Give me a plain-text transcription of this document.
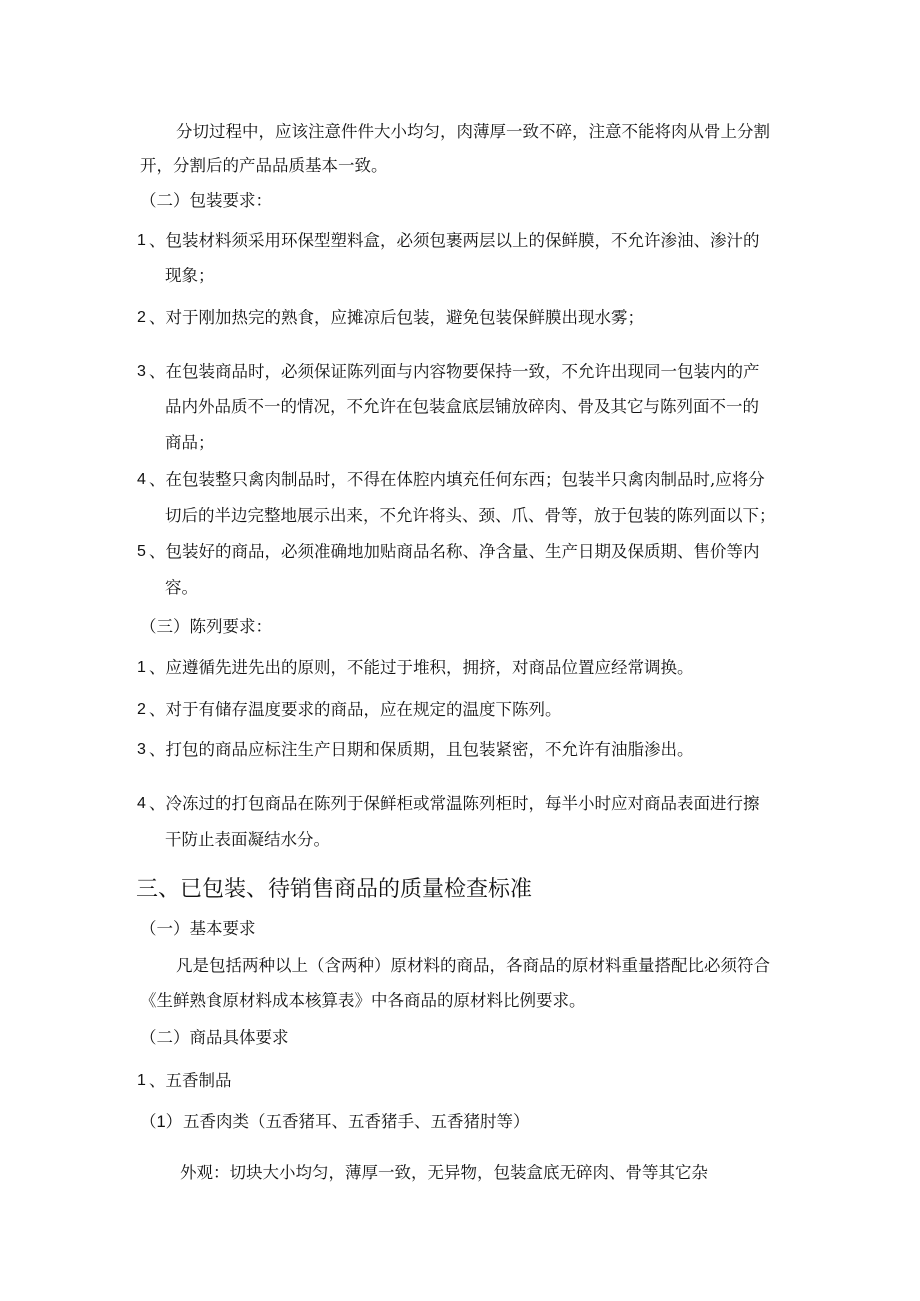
分切过程中，应该注意件件大小均匀，肉薄厚一致不碎，注意不能将肉从骨上分割
开，分割后的产品品质基本一致。
（二）包装要求：
1 、包装材料须采用环保型塑料盒，必须包裹两层以上的保鲜膜，不允许渗油、渗汁的
现象；
2 、对于刚加热完的熟食，应摊凉后包装，避免包装保鲜膜出现水雾；
3 、在包装商品时，必须保证陈列面与内容物要保持一致，不允许出现同一包装内的产
品内外品质不一的情况，不允许在包装盒底层铺放碎肉、骨及其它与陈列面不一的
商品；
4 、在包装整只禽肉制品时，不得在体腔内填充任何东西；包装半只禽肉制品时,应将分
切后的半边完整地展示出来，不允许将头、颈、爪、骨等，放于包装的陈列面以下；
5 、包装好的商品，必须准确地加贴商品名称、净含量、生产日期及保质期、售价等内
容。
（三）陈列要求：
1 、应遵循先进先出的原则，不能过于堆积，拥挤，对商品位置应经常调换。
2 、对于有储存温度要求的商品，应在规定的温度下陈列。
3 、打包的商品应标注生产日期和保质期，且包装紧密，不允许有油脂渗出。
4 、冷冻过的打包商品在陈列于保鲜柜或常温陈列柜时，每半小时应对商品表面进行擦
干防止表面凝结水分。
三、已包装、待销售商品的质量检查标准
（一）基本要求
凡是包括两种以上（含两种）原材料的商品，各商品的原材料重量搭配比必须符合
《生鲜熟食原材料成本核算表》中各商品的原材料比例要求。
（二）商品具体要求
1 、五香制品
（1） 五香肉类（五香猪耳、五香猪手、五香猪肘等）
外观：切块大小均匀，薄厚一致，无异物，包装盒底无碎肉、骨等其它杂
